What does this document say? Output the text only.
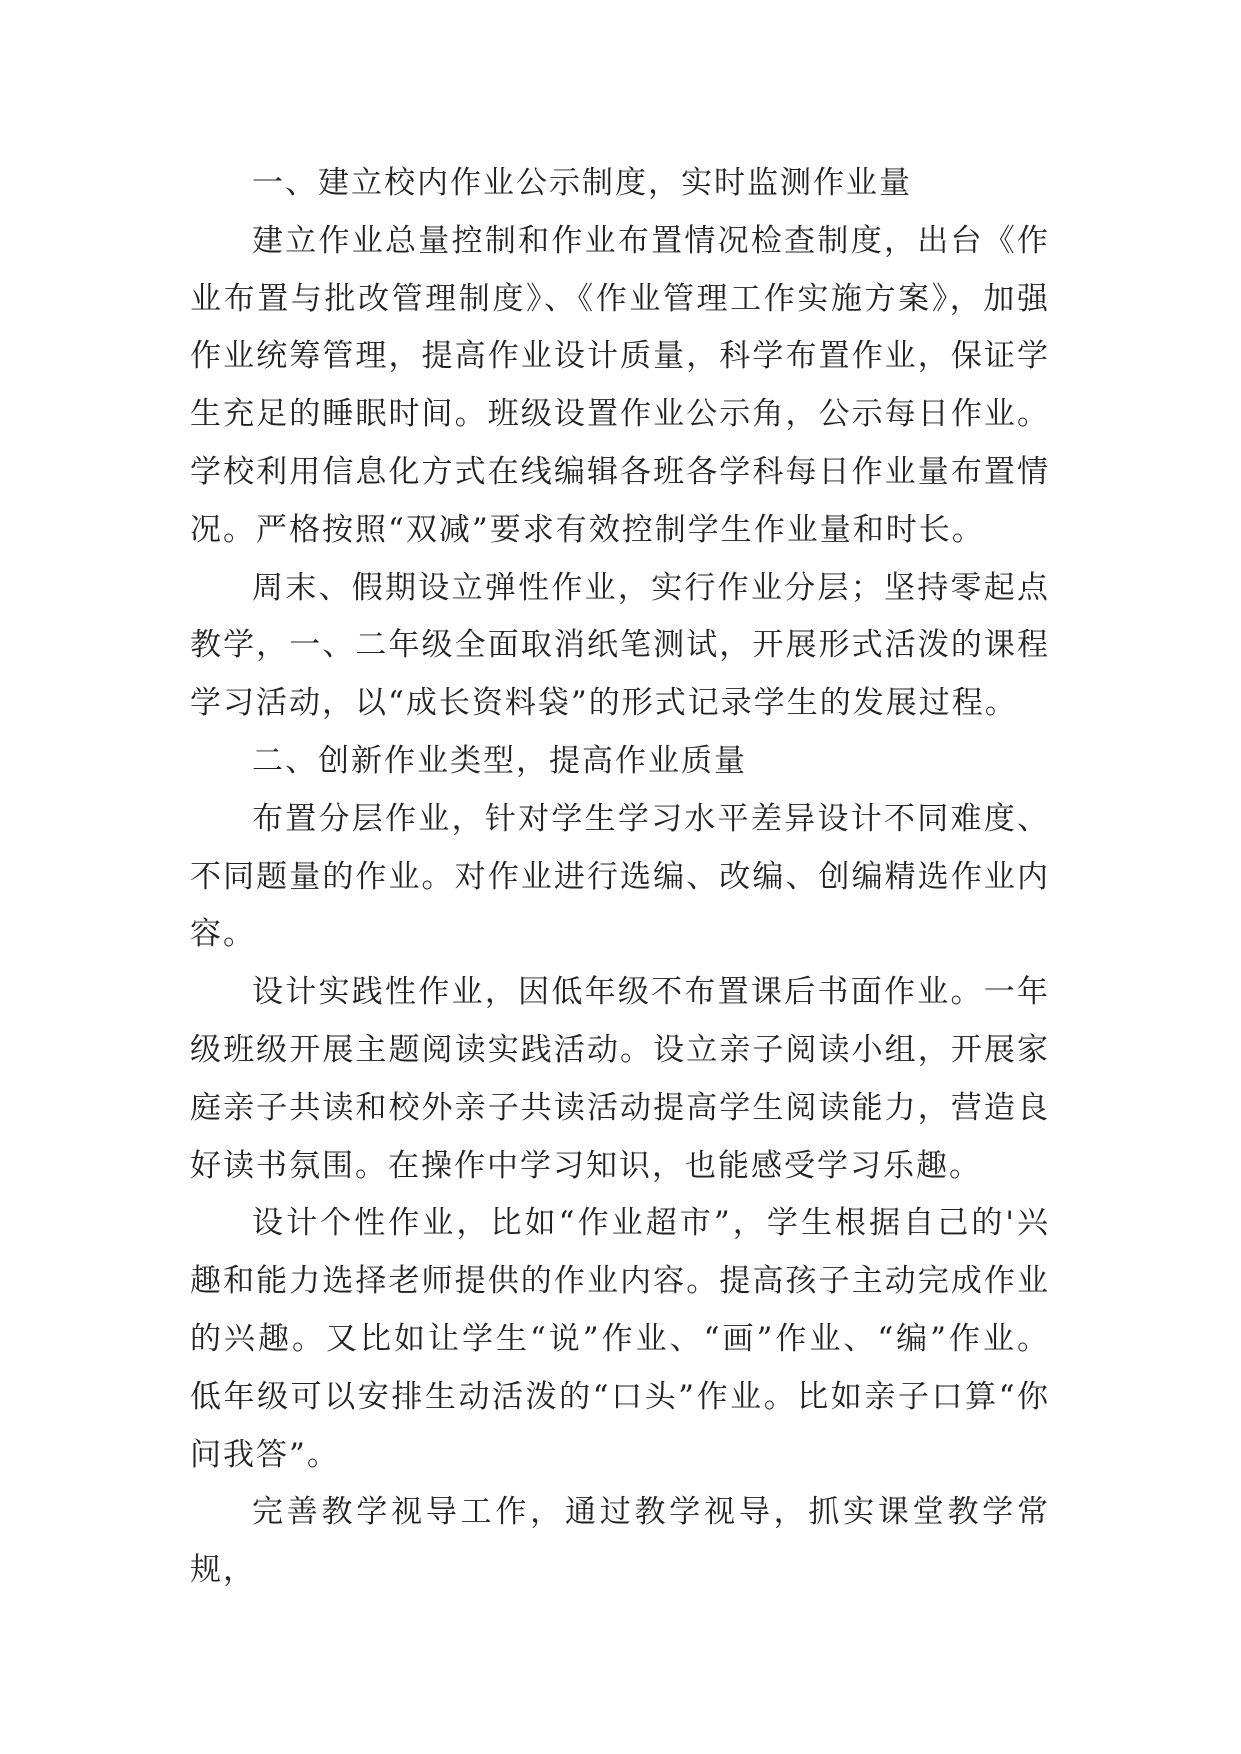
一、建立校内作业公示制度，实时监测作业量

建立作业总量控制和作业布置情况检查制度，出台《作业布置与批改管理制度》、《作业管理工作实施方案》，加强作业统筹管理，提高作业设计质量，科学布置作业，保证学生充足的睡眠时间。班级设置作业公示角，公示每日作业。学校利用信息化方式在线编辑各班各学科每日作业量布置情况。严格按照“双减”要求有效控制学生作业量和时长。

周末、假期设立弹性作业，实行作业分层；坚持零起点教学，一、二年级全面取消纸笔测试，开展形式活泼的课程学习活动，以“成长资料袋”的形式记录学生的发展过程。

二、创新作业类型，提高作业质量

布置分层作业，针对学生学习水平差异设计不同难度、不同题量的作业。对作业进行选编、改编、创编精选作业内容。

设计实践性作业，因低年级不布置课后书面作业。一年级班级开展主题阅读实践活动。设立亲子阅读小组，开展家庭亲子共读和校外亲子共读活动提高学生阅读能力，营造良好读书氛围。在操作中学习知识，也能感受学习乐趣。

设计个性作业，比如“作业超市”，学生根据自己的'兴趣和能力选择老师提供的作业内容。提高孩子主动完成作业的兴趣。又比如让学生“说”作业、“画”作业、“编”作业。低年级可以安排生动活泼的“口头”作业。比如亲子口算“你问我答”。

完善教学视导工作，通过教学视导，抓实课堂教学常规，
